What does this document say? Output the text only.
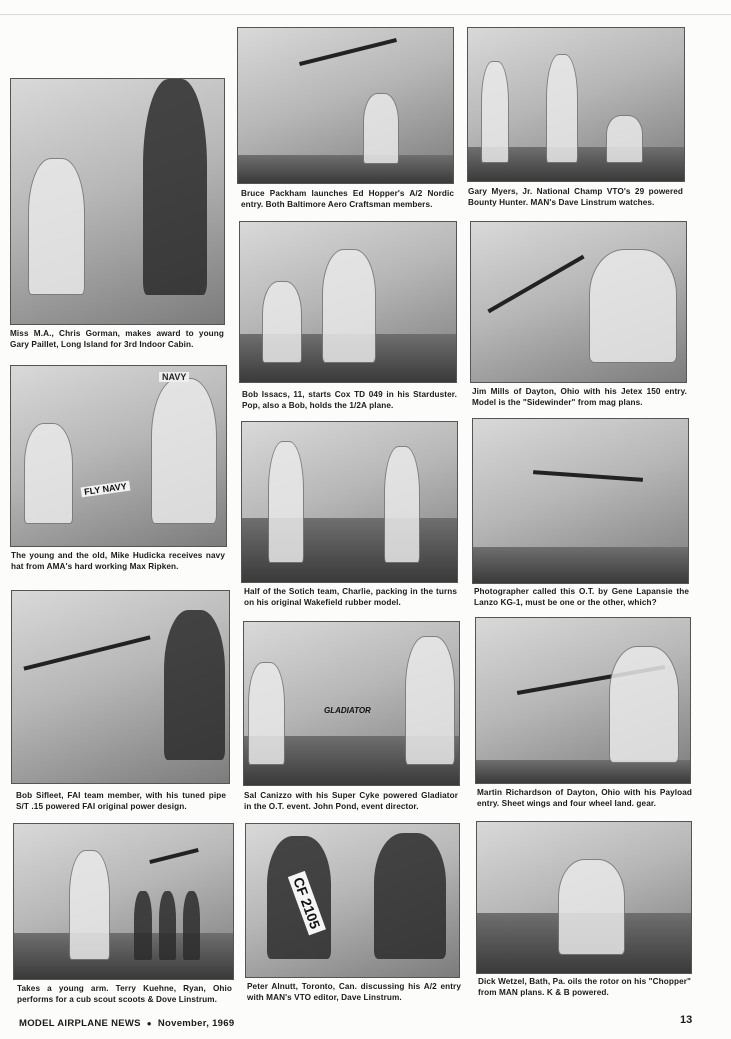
Miss M.A., Chris Gorman, makes award to young Gary Paillet, Long Island for 3rd Indoor Cabin.

NAVY
FLY NAVY

The young and the old, Mike Hudicka receives navy hat from AMA's hard working Max Ripken.

Bob Sifleet, FAI team member, with his tuned pipe S/T .15 powered FAI original power design.

Takes a young arm. Terry Kuehne, Ryan, Ohio performs for a cub scout scoots & Dove Linstrum.

Bruce Packham launches Ed Hopper's A/2 Nordic entry. Both Baltimore Aero Craftsman members.

Bob Issacs, 11, starts Cox TD 049 in his Starduster. Pop, also a Bob, holds the 1/2A plane.

Half of the Sotich team, Charlie, packing in the turns on his original Wakefield rubber model.

GLADIATOR

Sal Canizzo with his Super Cyke powered Gladiator in the O.T. event. John Pond, event director.

CF 2105

Peter Alnutt, Toronto, Can. discussing his A/2 entry with MAN's VTO editor, Dave Linstrum.

Gary Myers, Jr. National Champ VTO's 29 powered Bounty Hunter. MAN's Dave Linstrum watches.

Jim Mills of Dayton, Ohio with his Jetex 150 entry. Model is the "Sidewinder" from mag plans.

Photographer called this O.T. by Gene Lapansie the Lanzo KG-1, must be one or the other, which?

Martin Richardson of Dayton, Ohio with his Payload entry. Sheet wings and four wheel land. gear.

Dick Wetzel, Bath, Pa. oils the rotor on his "Chopper" from MAN plans. K & B powered.

MODEL AIRPLANE NEWS ● November, 1969	13
